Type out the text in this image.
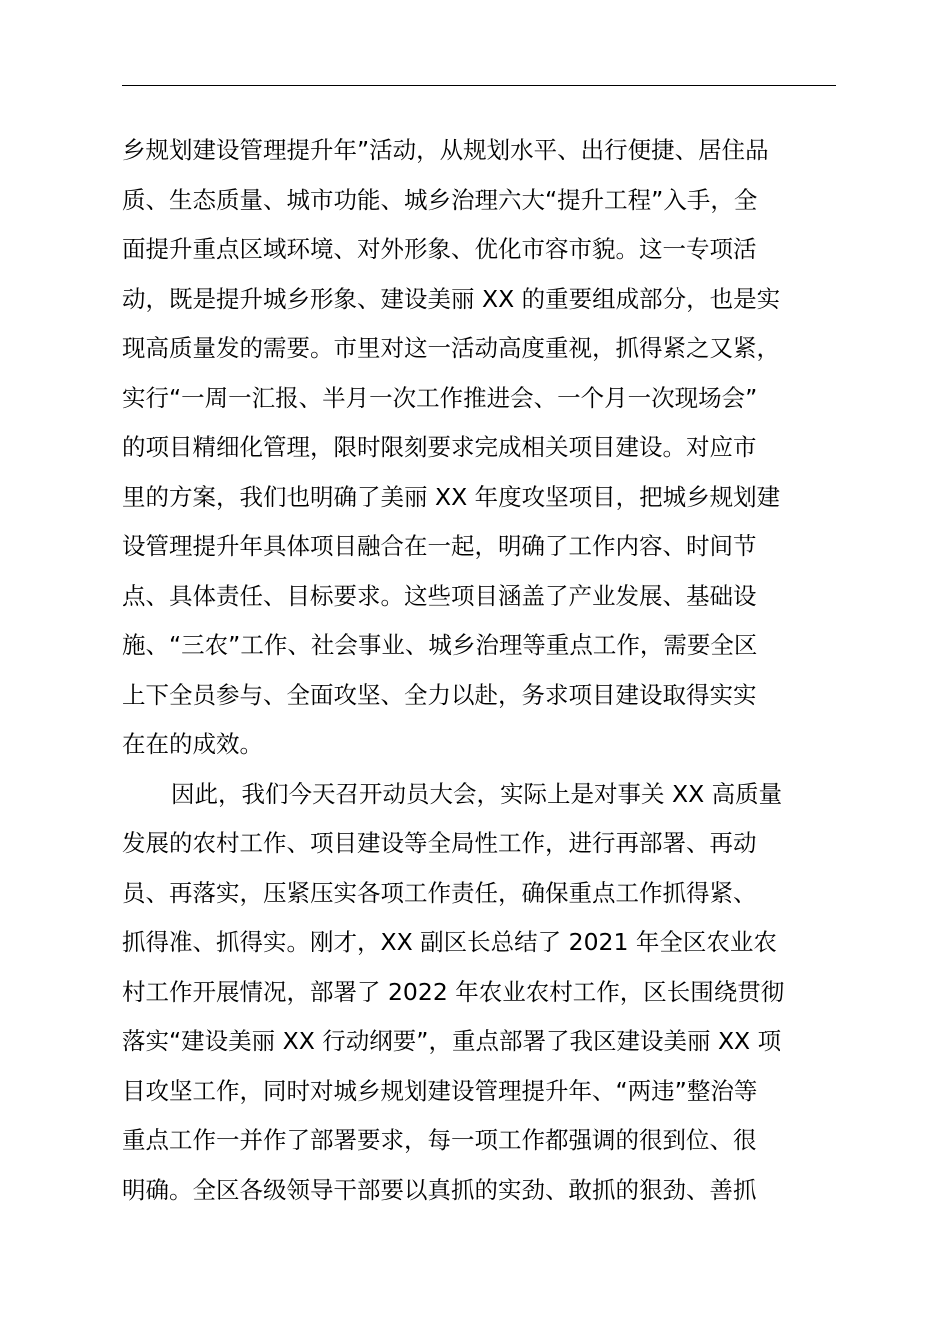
乡规划建设管理提升年”活动，从规划水平、出行便捷、居住品
质、生态质量、城市功能、城乡治理六大“提升工程”入手，全
面提升重点区域环境、对外形象、优化市容市貌。这一专项活
动，既是提升城乡形象、建设美丽 XX 的重要组成部分，也是实
现高质量发的需要。市里对这一活动高度重视，抓得紧之又紧，
实行“一周一汇报、半月一次工作推进会、一个月一次现场会”
的项目精细化管理，限时限刻要求完成相关项目建设。对应市
里的方案，我们也明确了美丽 XX 年度攻坚项目，把城乡规划建
设管理提升年具体项目融合在一起，明确了工作内容、时间节
点、具体责任、目标要求。这些项目涵盖了产业发展、基础设
施、“三农”工作、社会事业、城乡治理等重点工作，需要全区
上下全员参与、全面攻坚、全力以赴，务求项目建设取得实实
在在的成效。
因此，我们今天召开动员大会，实际上是对事关 XX 高质量
发展的农村工作、项目建设等全局性工作，进行再部署、再动
员、再落实，压紧压实各项工作责任，确保重点工作抓得紧、
抓得准、抓得实。刚才，XX 副区长总结了 2021 年全区农业农
村工作开展情况，部署了 2022 年农业农村工作，区长围绕贯彻
落实“建设美丽 XX 行动纲要”，重点部署了我区建设美丽 XX 项
目攻坚工作，同时对城乡规划建设管理提升年、“两违”整治等
重点工作一并作了部署要求，每一项工作都强调的很到位、很
明确。全区各级领导干部要以真抓的实劲、敢抓的狠劲、善抓
